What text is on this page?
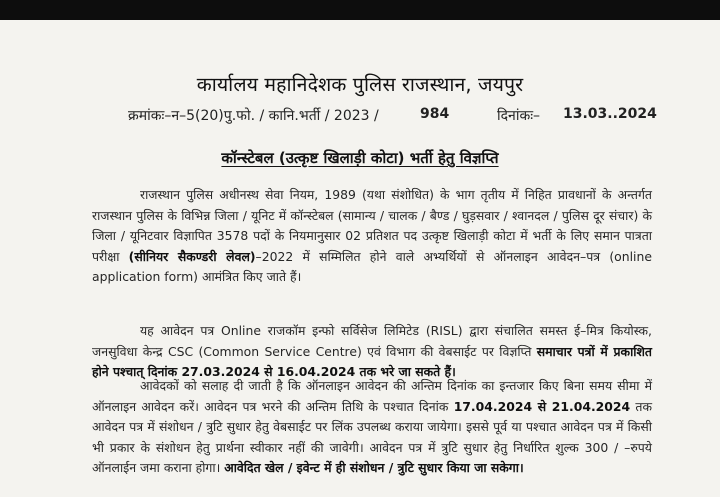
कार्यालय महानिदेशक पुलिस राजस्थान, जयपुर
क्रमांकः–न–5(20)पु.फो. / कानि.भर्ती / 2023 /	984	दिनांकः– 13.03..2024
कॉन्स्टेबल (उत्कृष्ट खिलाड़ी कोटा) भर्ती हेतु विज्ञप्ति
राजस्थान पुलिस अधीनस्थ सेवा नियम, 1989 (यथा संशोधित) के भाग तृतीय में निहित प्रावधानों के अन्तर्गत राजस्थान पुलिस के विभिन्न जिला / यूनिट में कॉन्स्टेबल (सामान्य / चालक / बैण्ड / घुड़सवार / श्वानदल / पुलिस दूर संचार) के जिला / यूनिटवार विज्ञापित 3578 पदों के नियमानुसार 02 प्रतिशत पद उत्कृष्ट खिलाड़ी कोटा में भर्ती के लिए समान पात्रता परीक्षा (सीनियर सैकण्डरी लेवल)–2022 में सम्मिलित होने वाले अभ्यर्थियों से ऑनलाइन आवेदन–पत्र (online application form) आमंत्रित किए जाते हैं।
यह आवेदन पत्र Online राजकॉम इन्फो सर्विसेज लिमिटेड (RISL) द्वारा संचालित समस्त ई–मित्र कियोस्क, जनसुविधा केन्द्र CSC (Common Service Centre) एवं विभाग की वेबसाईट पर विज्ञप्ति समाचार पत्रों में प्रकाशित होने पश्चात् दिनांक 27.03.2024 से 16.04.2024 तक भरे जा सकते हैं।
आवेदकों को सलाह दी जाती है कि ऑनलाइन आवेदन की अन्तिम दिनांक का इन्तजार किए बिना समय सीमा में ऑनलाइन आवेदन करें। आवेदन पत्र भरने की अन्तिम तिथि के पश्चात दिनांक 17.04.2024 से 21.04.2024 तक आवेदन पत्र में संशोधन / त्रुटि सुधार हेतु वेबसाईट पर लिंक उपलब्ध कराया जायेगा। इससे पूर्व या पश्चात आवेदन पत्र में किसी भी प्रकार के संशोधन हेतु प्रार्थना स्वीकार नहीं की जावेगी। आवेदन पत्र में त्रुटि सुधार हेतु निर्धारित शुल्क 300 / –रुपये ऑनलाईन जमा कराना होगा। आवेदित खेल / इवेन्ट में ही संशोधन / त्रुटि सुधार किया जा सकेगा।
